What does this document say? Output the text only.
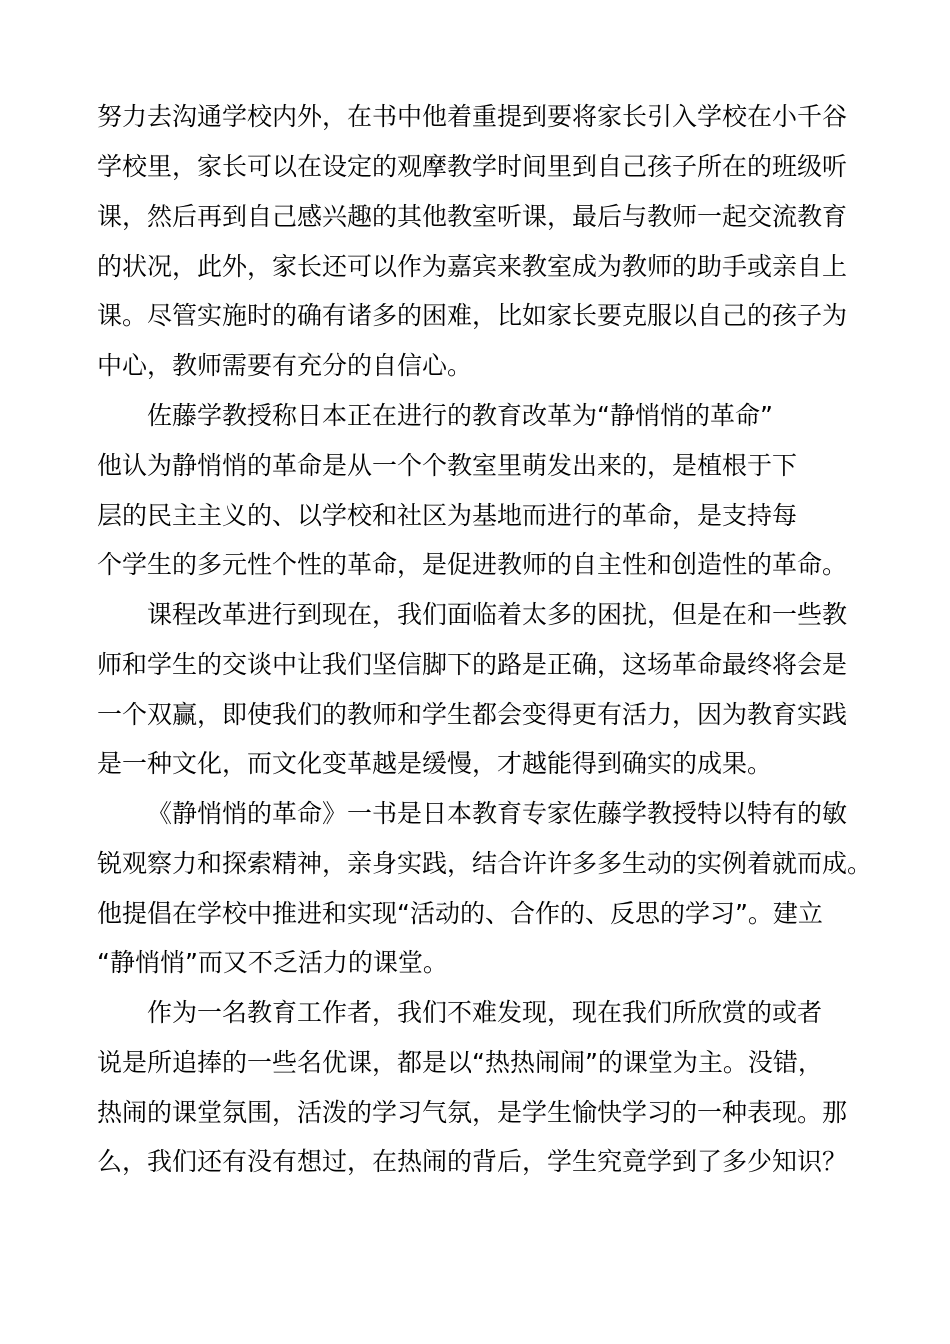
努力去沟通学校内外，在书中他着重提到要将家长引入学校在小千谷
学校里，家长可以在设定的观摩教学时间里到自己孩子所在的班级听
课，然后再到自己感兴趣的其他教室听课，最后与教师一起交流教育
的状况，此外，家长还可以作为嘉宾来教室成为教师的助手或亲自上
课。尽管实施时的确有诸多的困难，比如家长要克服以自己的孩子为
中心，教师需要有充分的自信心。
佐藤学教授称日本正在进行的教育改革为“静悄悄的革命”
他认为静悄悄的革命是从一个个教室里萌发出来的，是植根于下
层的民主主义的、以学校和社区为基地而进行的革命，是支持每
个学生的多元性个性的革命，是促进教师的自主性和创造性的革命。
课程改革进行到现在，我们面临着太多的困扰，但是在和一些教
师和学生的交谈中让我们坚信脚下的路是正确，这场革命最终将会是
一个双赢，即使我们的教师和学生都会变得更有活力，因为教育实践
是一种文化，而文化变革越是缓慢，才越能得到确实的成果。
《静悄悄的革命》一书是日本教育专家佐藤学教授特以特有的敏
锐观察力和探索精神，亲身实践，结合许许多多生动的实例着就而成。
他提倡在学校中推进和实现“活动的、合作的、反思的学习”。建立
“静悄悄”而又不乏活力的课堂。
作为一名教育工作者，我们不难发现，现在我们所欣赏的或者
说是所追捧的一些名优课，都是以“热热闹闹”的课堂为主。没错，
热闹的课堂氛围，活泼的学习气氛，是学生愉快学习的一种表现。那
么，我们还有没有想过，在热闹的背后，学生究竟学到了多少知识？
